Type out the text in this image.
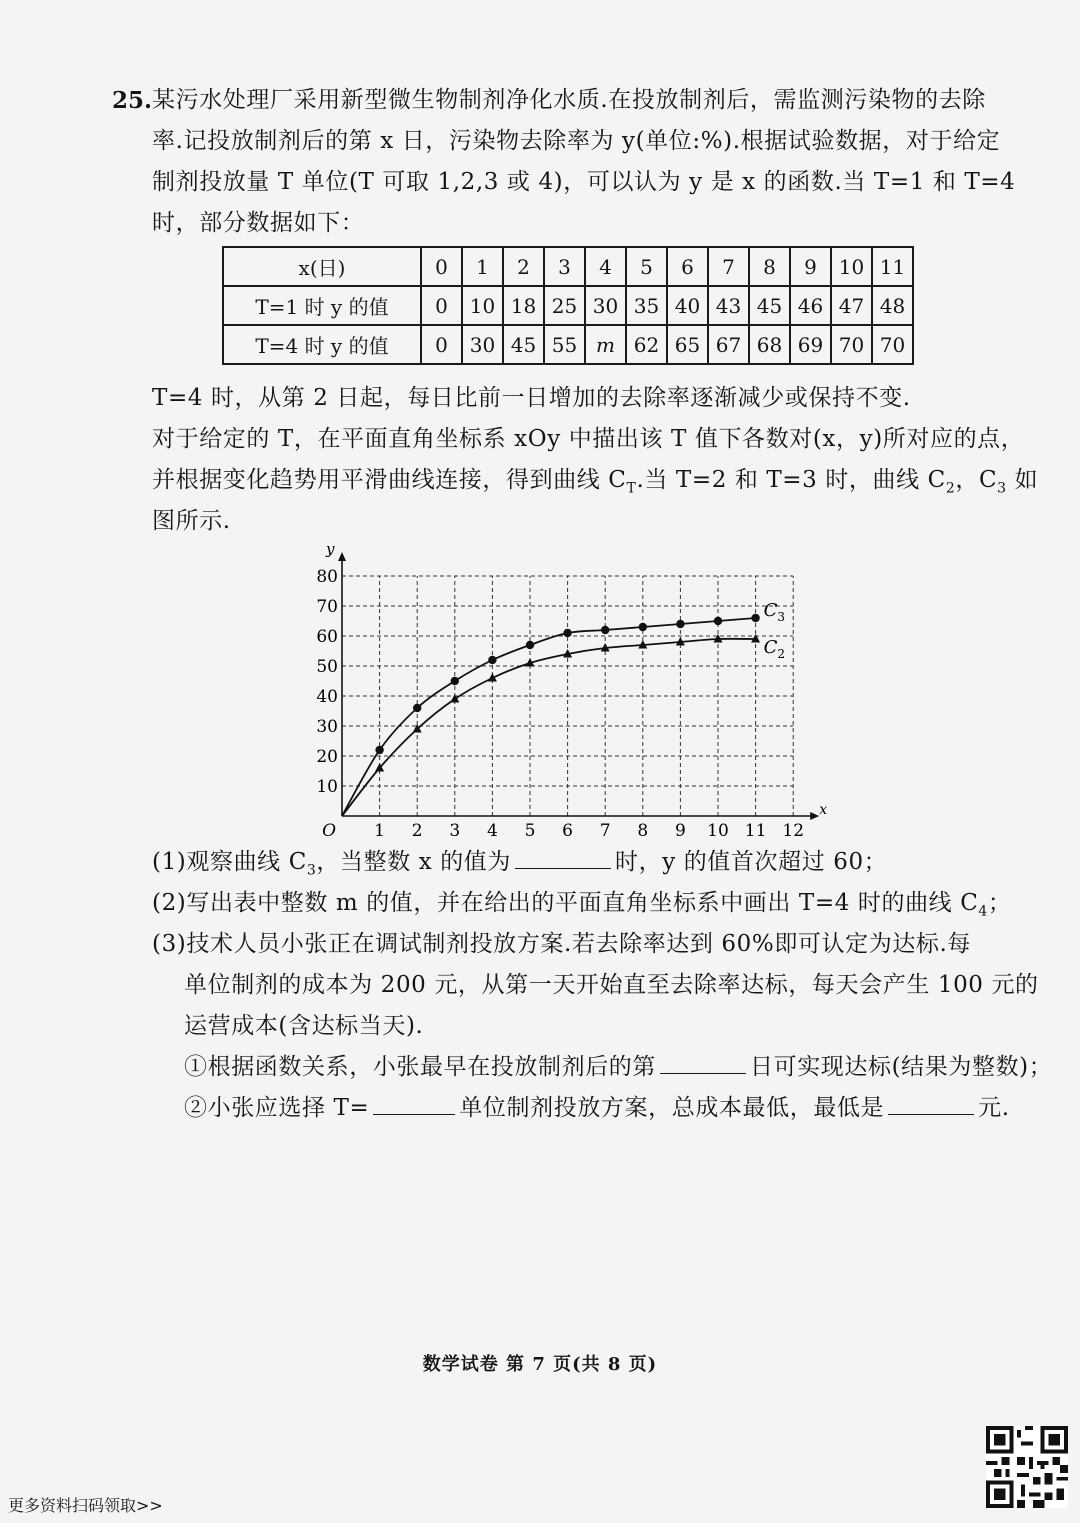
25. 某污水处理厂采用新型微生物制剂净化水质.在投放制剂后，需监测污染物的去除
率.记投放制剂后的第 x 日，污染物去除率为 y(单位:%).根据试验数据，对于给定
制剂投放量 T 单位(T 可取 1,2,3 或 4)，可以认为 y 是 x 的函数.当 T=1 和 T=4
时，部分数据如下：
x(日)	0	1	2	3	4	5	6	7	8	9	10	11
T=1 时 y 的值	0	10	18	25	30	35	40	43	45	46	47	48
T=4 时 y 的值	0	30	45	55	m	62	65	67	68	69	70	70
T=4 时，从第 2 日起，每日比前一日增加的去除率逐渐减少或保持不变.
对于给定的 T，在平面直角坐标系 xOy 中描出该 T 值下各数对(x，y)所对应的点，
并根据变化趋势用平滑曲线连接，得到曲线 $C_T$.当 T=2 和 T=3 时，曲线 $C_2$，$C_3$ 如
图所示.
1 2 3 4 5 6 7 8 9 10 11 12
10
20
30
40
50
60
70
80
O
x
y
$C_3$
$C_2$
(1)观察曲线 $C_3$，当整数 x 的值为	时，y 的值首次超过 60；
(2)写出表中整数 m 的值，并在给出的平面直角坐标系中画出 T=4 时的曲线 $C_4$；
(3)技术人员小张正在调试制剂投放方案.若去除率达到 60%即可认定为达标.每
单位制剂的成本为 200 元，从第一天开始直至去除率达标，每天会产生 100 元的
运营成本(含达标当天).
①根据函数关系，小张最早在投放制剂后的第	日可实现达标(结果为整数)；
②小张应选择 T=	单位制剂投放方案，总成本最低，最低是	元.
数学试卷 第 7 页(共 8 页)
更多资料扫码领取>>
